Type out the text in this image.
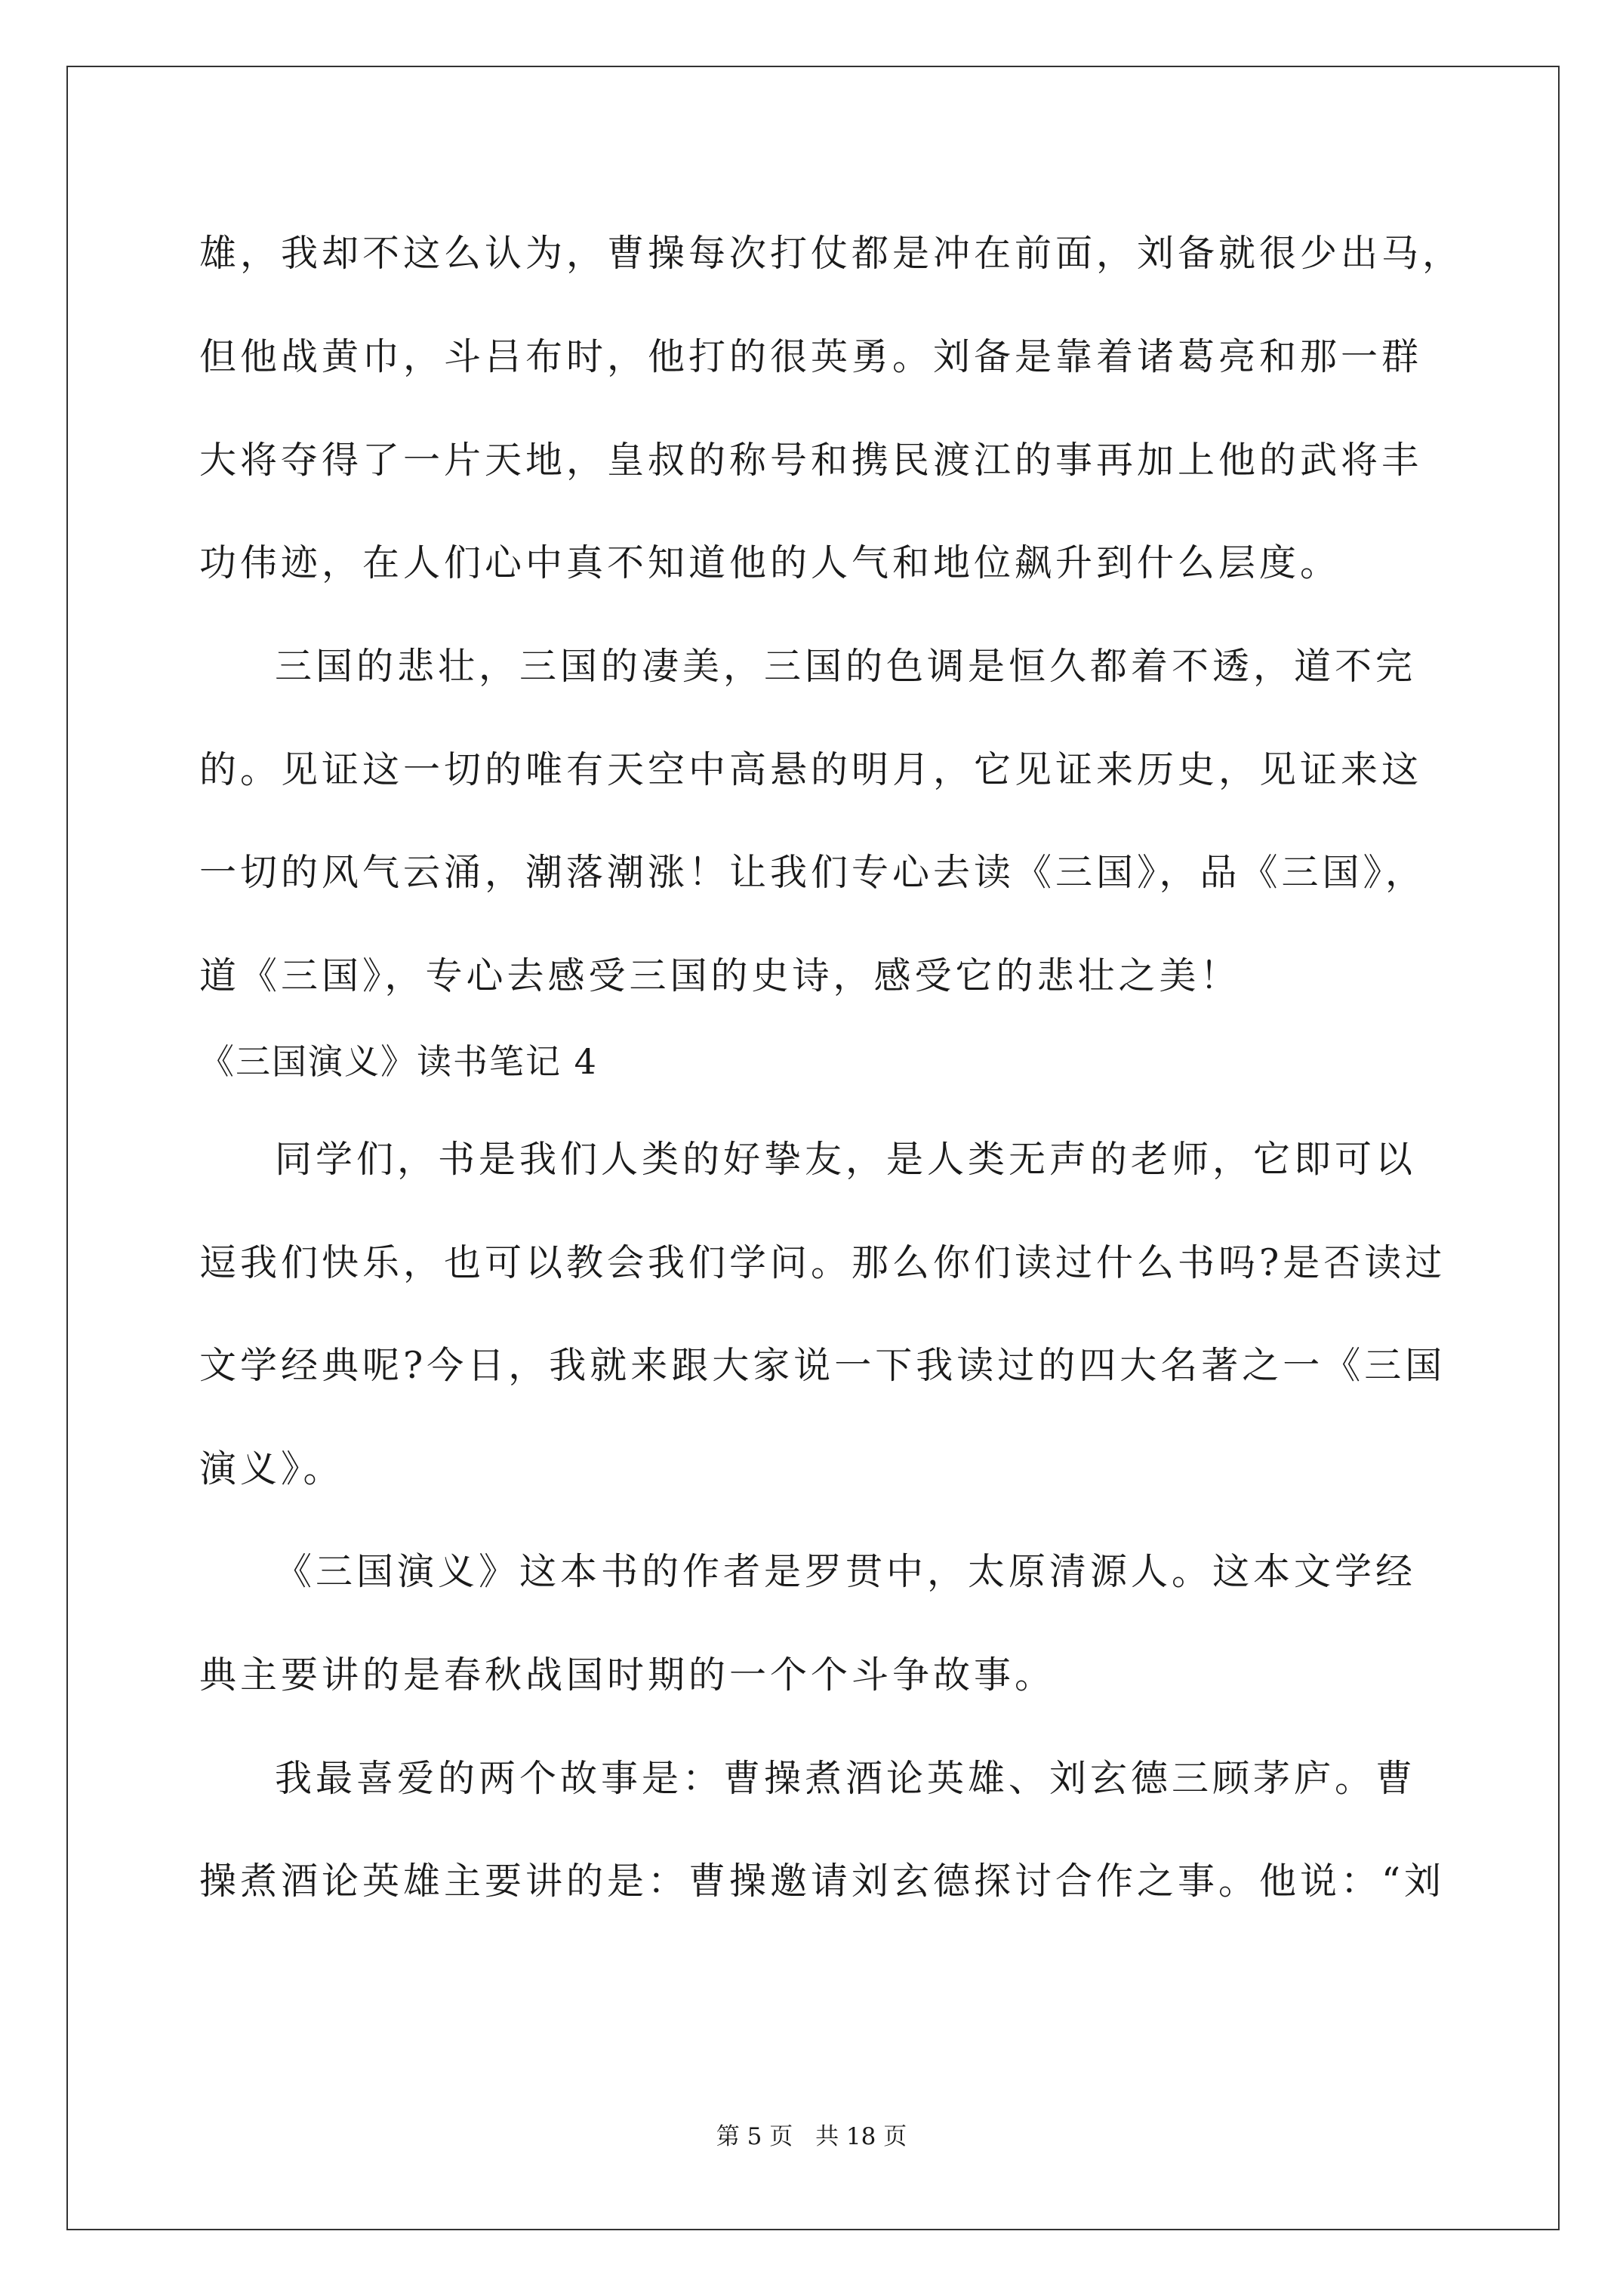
雄，我却不这么认为，曹操每次打仗都是冲在前面，刘备就很少出马，
但他战黄巾，斗吕布时，他打的很英勇。刘备是靠着诸葛亮和那一群
大将夺得了一片天地，皇叔的称号和携民渡江的事再加上他的武将丰
功伟迹，在人们心中真不知道他的人气和地位飙升到什么层度。
三国的悲壮，三国的凄美，三国的色调是恒久都着不透，道不完
的。见证这一切的唯有天空中高悬的明月，它见证来历史，见证来这
一切的风气云涌，潮落潮涨！让我们专心去读《三国》，品《三国》，
道《三国》，专心去感受三国的史诗，感受它的悲壮之美！
《三国演义》读书笔记 4
同学们，书是我们人类的好挚友，是人类无声的老师，它即可以
逗我们快乐，也可以教会我们学问。那么你们读过什么书吗?是否读过
文学经典呢?今日，我就来跟大家说一下我读过的四大名著之一《三国
演义》。
《三国演义》这本书的作者是罗贯中，太原清源人。这本文学经
典主要讲的是春秋战国时期的一个个斗争故事。
我最喜爱的两个故事是：曹操煮酒论英雄、刘玄德三顾茅庐。曹
操煮酒论英雄主要讲的是：曹操邀请刘玄德探讨合作之事。他说：“刘
第 5 页 共 18 页
